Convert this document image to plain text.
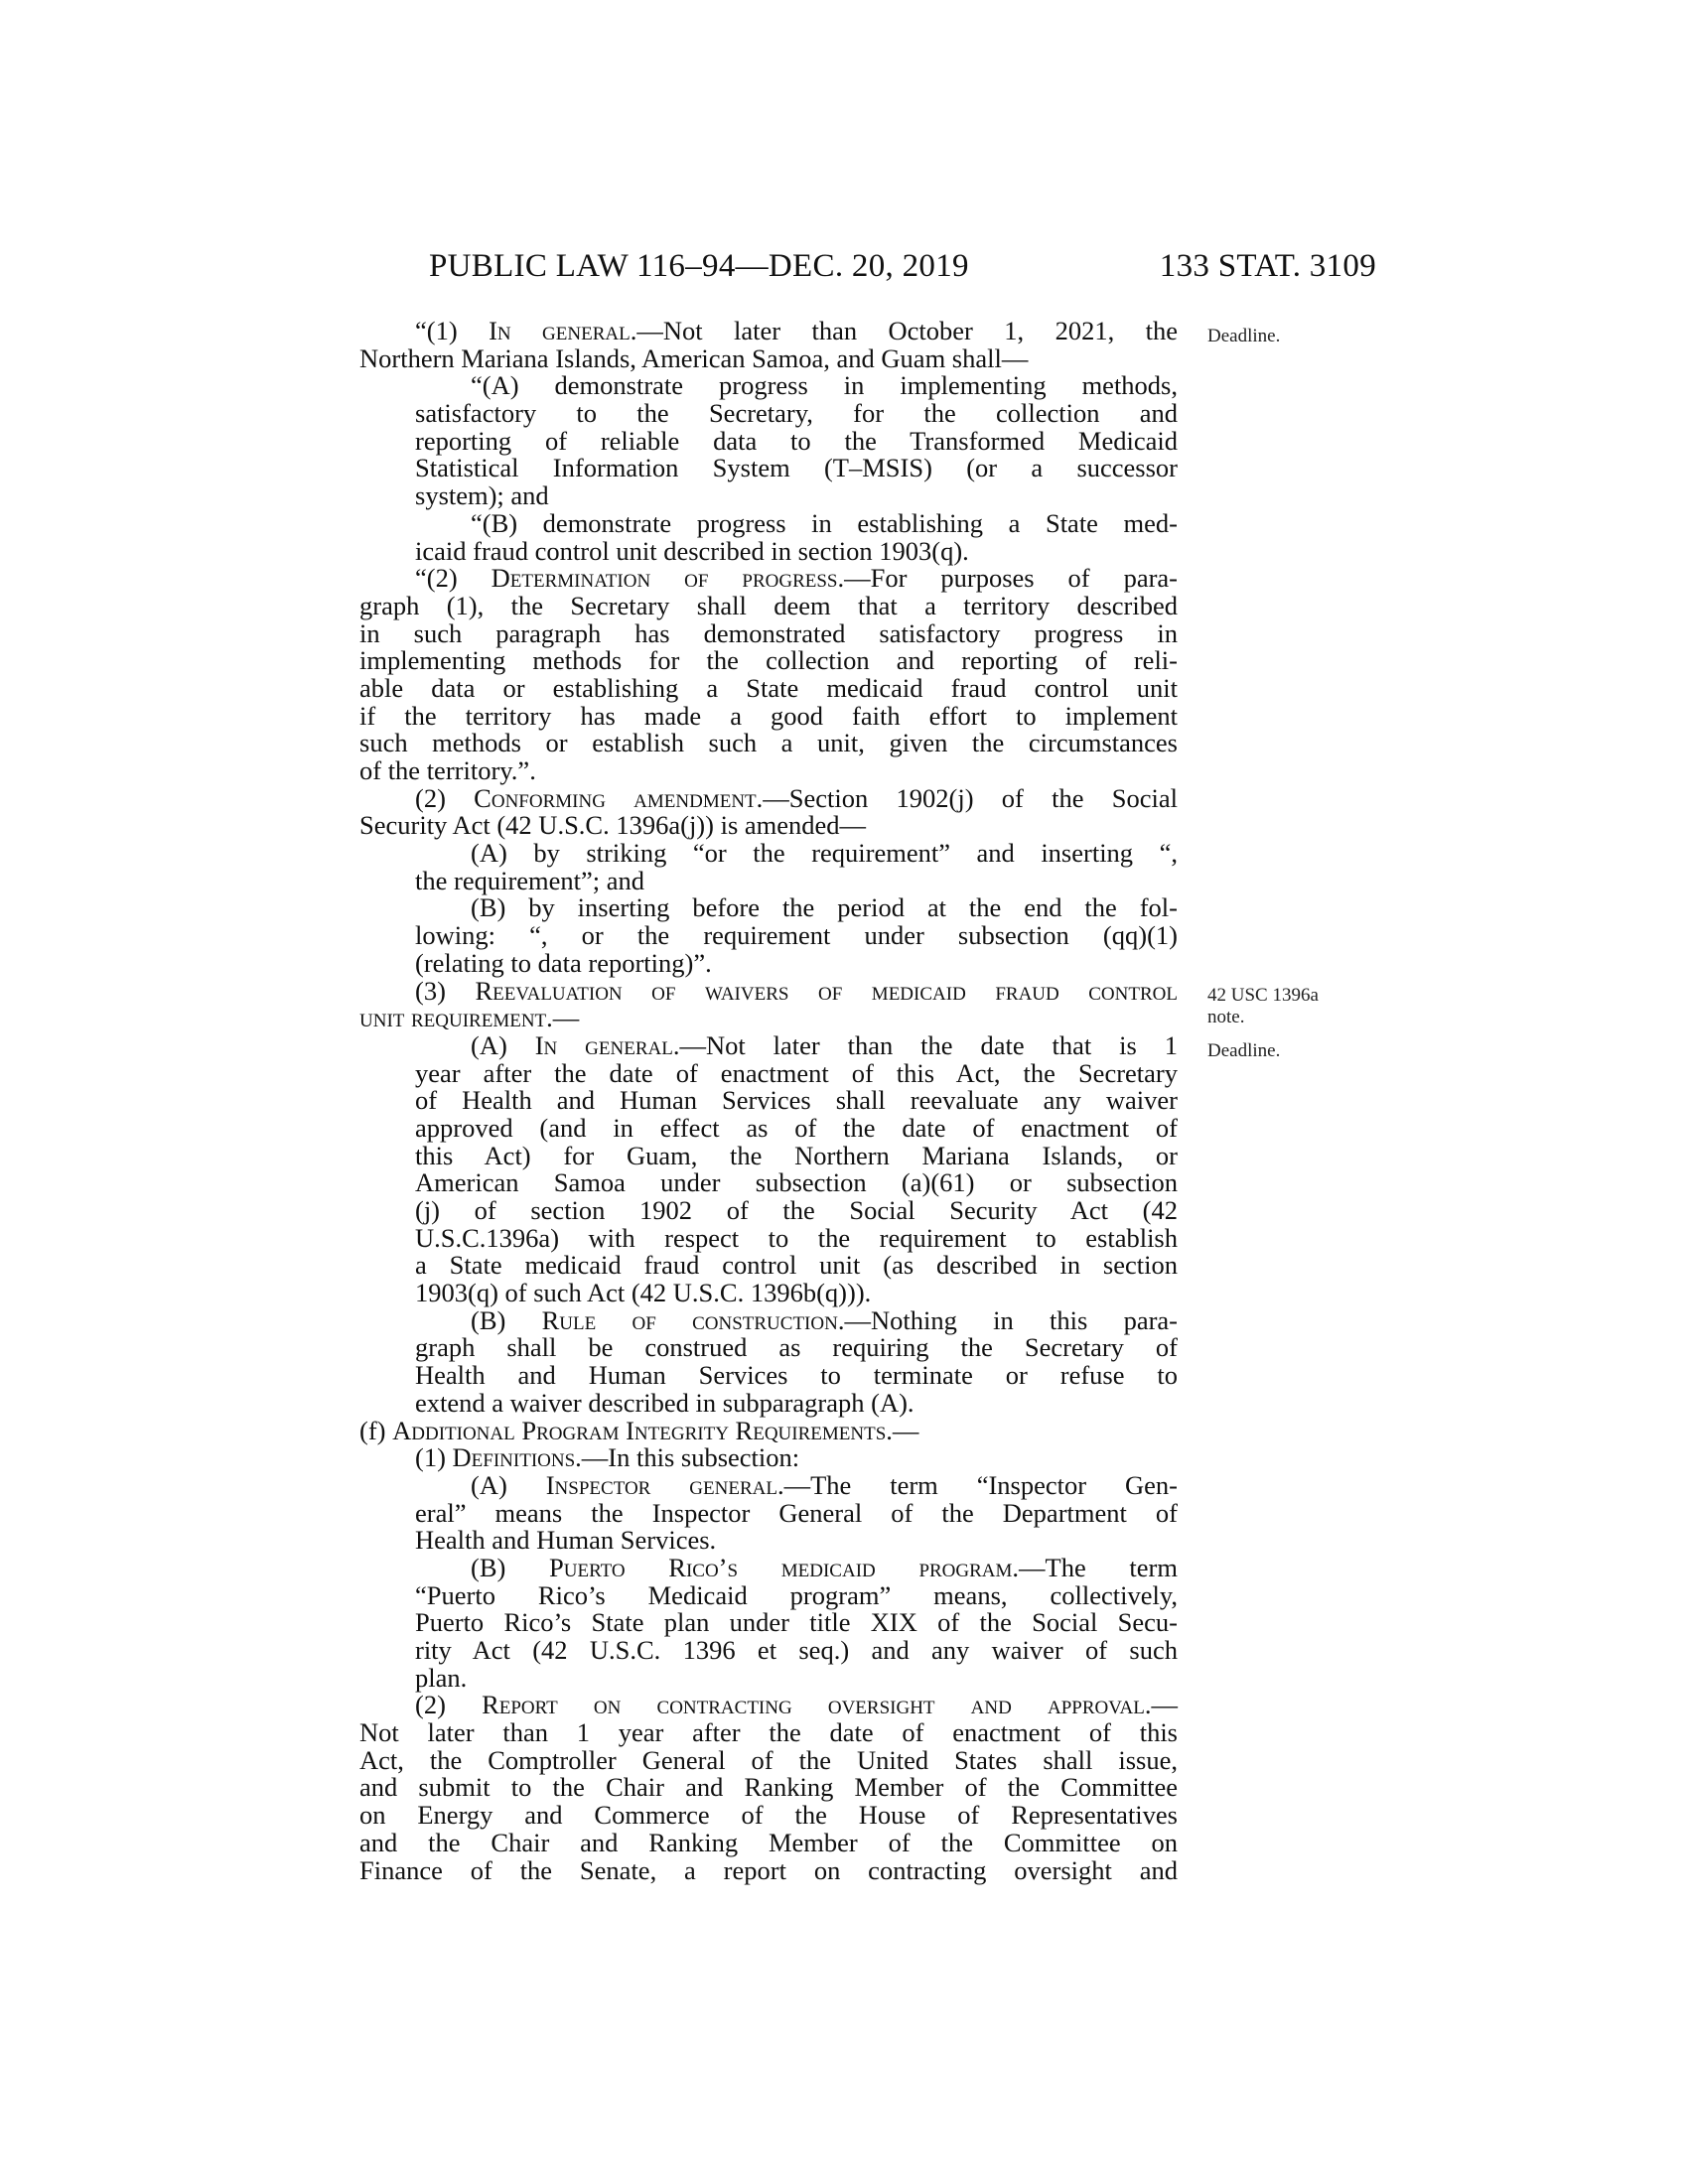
PUBLIC LAW 116–94—DEC. 20, 2019	133 STAT. 3109
Deadline.
42 USC 1396a
note.
Deadline.
“(1) In general.—Not later than October 1, 2021, the
Northern Mariana Islands, American Samoa, and Guam shall—
“(A) demonstrate progress in implementing methods,
satisfactory to the Secretary, for the collection and
reporting of reliable data to the Transformed Medicaid
Statistical Information System (T–MSIS) (or a successor
system); and
“(B) demonstrate progress in establishing a State med-
icaid fraud control unit described in section 1903(q).
“(2) Determination of progress.—For purposes of para-
graph (1), the Secretary shall deem that a territory described
in such paragraph has demonstrated satisfactory progress in
implementing methods for the collection and reporting of reli-
able data or establishing a State medicaid fraud control unit
if the territory has made a good faith effort to implement
such methods or establish such a unit, given the circumstances
of the territory.”.
(2) Conforming amendment.—Section 1902(j) of the Social
Security Act (42 U.S.C. 1396a(j)) is amended—
(A) by striking “or the requirement” and inserting “,
the requirement”; and
(B) by inserting before the period at the end the fol-
lowing: “, or the requirement under subsection (qq)(1)
(relating to data reporting)”.
(3) Reevaluation of waivers of medicaid fraud control
unit requirement.—
(A) In general.—Not later than the date that is 1
year after the date of enactment of this Act, the Secretary
of Health and Human Services shall reevaluate any waiver
approved (and in effect as of the date of enactment of
this Act) for Guam, the Northern Mariana Islands, or
American Samoa under subsection (a)(61) or subsection
(j) of section 1902 of the Social Security Act (42
U.S.C.1396a) with respect to the requirement to establish
a State medicaid fraud control unit (as described in section
1903(q) of such Act (42 U.S.C. 1396b(q))).
(B) Rule of construction.—Nothing in this para-
graph shall be construed as requiring the Secretary of
Health and Human Services to terminate or refuse to
extend a waiver described in subparagraph (A).
(f) Additional Program Integrity Requirements.—
(1) Definitions.—In this subsection:
(A) Inspector general.—The term “Inspector Gen-
eral” means the Inspector General of the Department of
Health and Human Services.
(B) Puerto Rico’s medicaid program.—The term
“Puerto Rico’s Medicaid program” means, collectively,
Puerto Rico’s State plan under title XIX of the Social Secu-
rity Act (42 U.S.C. 1396 et seq.) and any waiver of such
plan.
(2) Report on contracting oversight and approval.—
Not later than 1 year after the date of enactment of this
Act, the Comptroller General of the United States shall issue,
and submit to the Chair and Ranking Member of the Committee
on Energy and Commerce of the House of Representatives
and the Chair and Ranking Member of the Committee on
Finance of the Senate, a report on contracting oversight and
